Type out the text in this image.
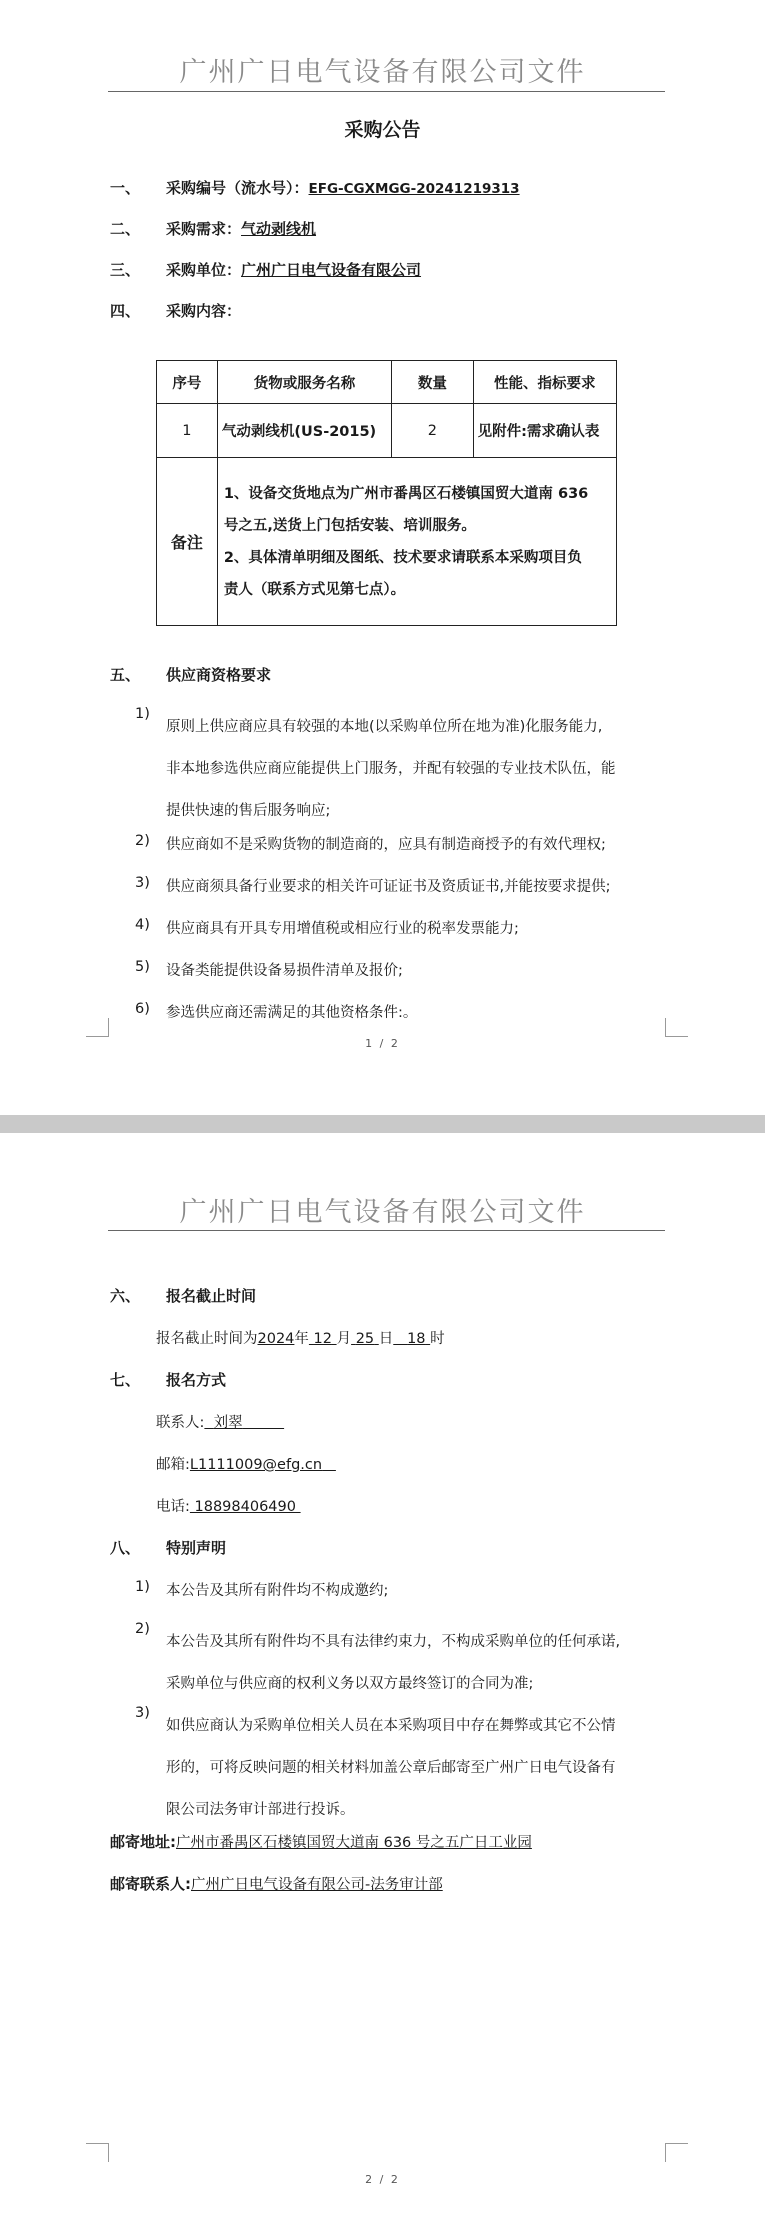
广州广日电气设备有限公司文件
采购公告
一、 采购编号（流水号）：EFG-CGXMGG-20241219313
二、 采购需求：气动剥线机
三、 采购单位：广州广日电气设备有限公司
四、 采购内容：
序号	货物或服务名称	数量	性能、指标要求
1	气动剥线机(US-2015)	2	见附件:需求确认表
备注	1、设备交货地点为广州市番禺区石楼镇国贸大道南 636
号之五,送货上门包括安装、培训服务。
2、具体清单明细及图纸、技术要求请联系本采购项目负
责人（联系方式见第七点）。		
五、 供应商资格要求
1)
原则上供应商应具有较强的本地(以采购单位所在地为准)化服务能力,
非本地参选供应商应能提供上门服务，并配有较强的专业技术队伍，能
提供快速的售后服务响应;
2) 供应商如不是采购货物的制造商的，应具有制造商授予的有效代理权;
3) 供应商须具备行业要求的相关许可证证书及资质证书,并能按要求提供;
4) 供应商具有开具专用增值税或相应行业的税率发票能力;
5) 设备类能提供设备易损件清单及报价;
6) 参选供应商还需满足的其他资格条件:。
1 / 2
广州广日电气设备有限公司文件
六、 报名截止时间
报名截止时间为2024年 12 月 25 日 18 时
七、 报名方式
联系人: 刘翠
邮箱:L1111009@efg.cn
电话: 18898406490
八、 特别声明
1) 本公告及其所有附件均不构成邀约;
2)
本公告及其所有附件均不具有法律约束力，不构成采购单位的任何承诺,
采购单位与供应商的权利义务以双方最终签订的合同为准;
3)
如供应商认为采购单位相关人员在本采购项目中存在舞弊或其它不公情
形的，可将反映问题的相关材料加盖公章后邮寄至广州广日电气设备有
限公司法务审计部进行投诉。
邮寄地址:广州市番禺区石楼镇国贸大道南 636 号之五广日工业园
邮寄联系人:广州广日电气设备有限公司-法务审计部
2 / 2
